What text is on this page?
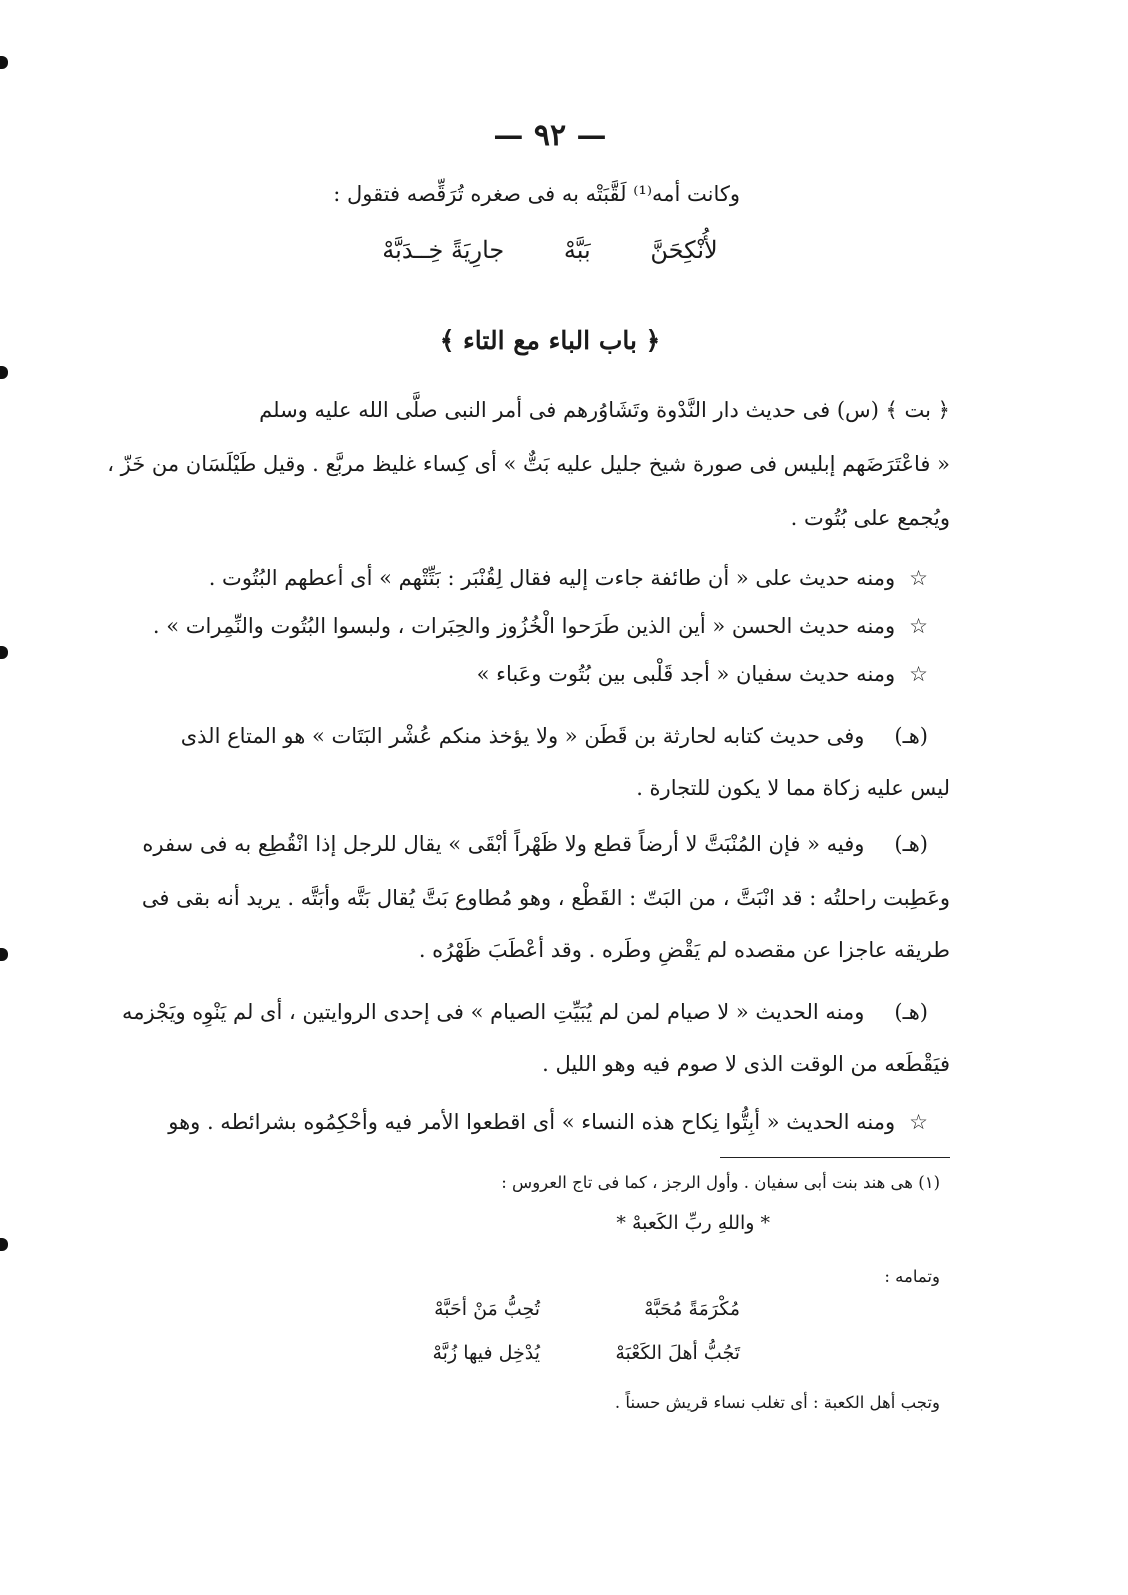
— ٩٢ —
وكانت أمه⁽¹⁾ لَقَّبَتْه به فى صغره تُرَقِّصه فتقول :
لأُنْكِحَنَّ بَبَّهْ جارِيَةً خِــدَبَّهْ
﴿ باب الباء مع التاء ﴾
﴿ بت ﴾ (س) فى حديث دار النَّدْوة وتَشَاوُرهم فى أمر النبى صلَّى الله عليه وسلم
« فاعْتَرَضَهم إبليس فى صورة شيخ جليل عليه بَتٌّ » أى كِساء غليظ مربَّع . وقيل طَيْلَسَان من خَزّ ،
ويُجمع على بُتُوت .
☆ومنه حديث على « أن طائفة جاءت إليه فقال لِقُنْبَر : بَتِّتْهم » أى أعطهم البُتُوت .
☆ومنه حديث الحسن « أين الذين طَرَحوا الْخُزُوز والحِبَرات ، ولبسوا البُتُوت والنِّمِرات » .
☆ومنه حديث سفيان « أجد قَلْبى بين بُتُوت وعَباء »
(هـ)وفى حديث كتابه لحارثة بن قَطَن « ولا يؤخذ منكم عُشْر البَتَات » هو المتاع الذى
ليس عليه زكاة مما لا يكون للتجارة .
(هـ)وفيه « فإن المُنْبَتَّ لا أرضاً قطع ولا ظَهْراً أبْقَى » يقال للرجل إذا انْقُطِع به فى سفره
وعَطِبت راحلتُه : قد انْبَتَّ ، من البَتّ : القَطْع ، وهو مُطاوع بَتَّ يُقال بَتَّه وأبَتَّه . يريد أنه بقى فى
طريقه عاجزا عن مقصده لم يَقْضِ وطَره . وقد أعْطَبَ ظَهْرُه .
(هـ)ومنه الحديث « لا صيام لمن لم يُبَيِّتِ الصيام » فى إحدى الروايتين ، أى لم يَنْوِه ويَجْزمه
فيَقْطَعه من الوقت الذى لا صوم فيه وهو الليل .
☆ومنه الحديث « أبِتُّوا نِكاح هذه النساء » أى اقطعوا الأمر فيه وأحْكِمُوه بشرائطه . وهو
(١) هى هند بنت أبى سفيان . وأول الرجز ، كما فى تاج العروس :
* واللهِ ربِّ الكَعبهْ *
وتمامه :
مُكْرَمَةً مُحَبَّهْ
تُحِبُّ مَنْ أحَبَّهْ
تَجُبُّ أهلَ الكَعْبَهْ
يُدْخِل فيها زُبَّهْ
وتجب أهل الكعبة : أى تغلب نساء قريش حسناً .
